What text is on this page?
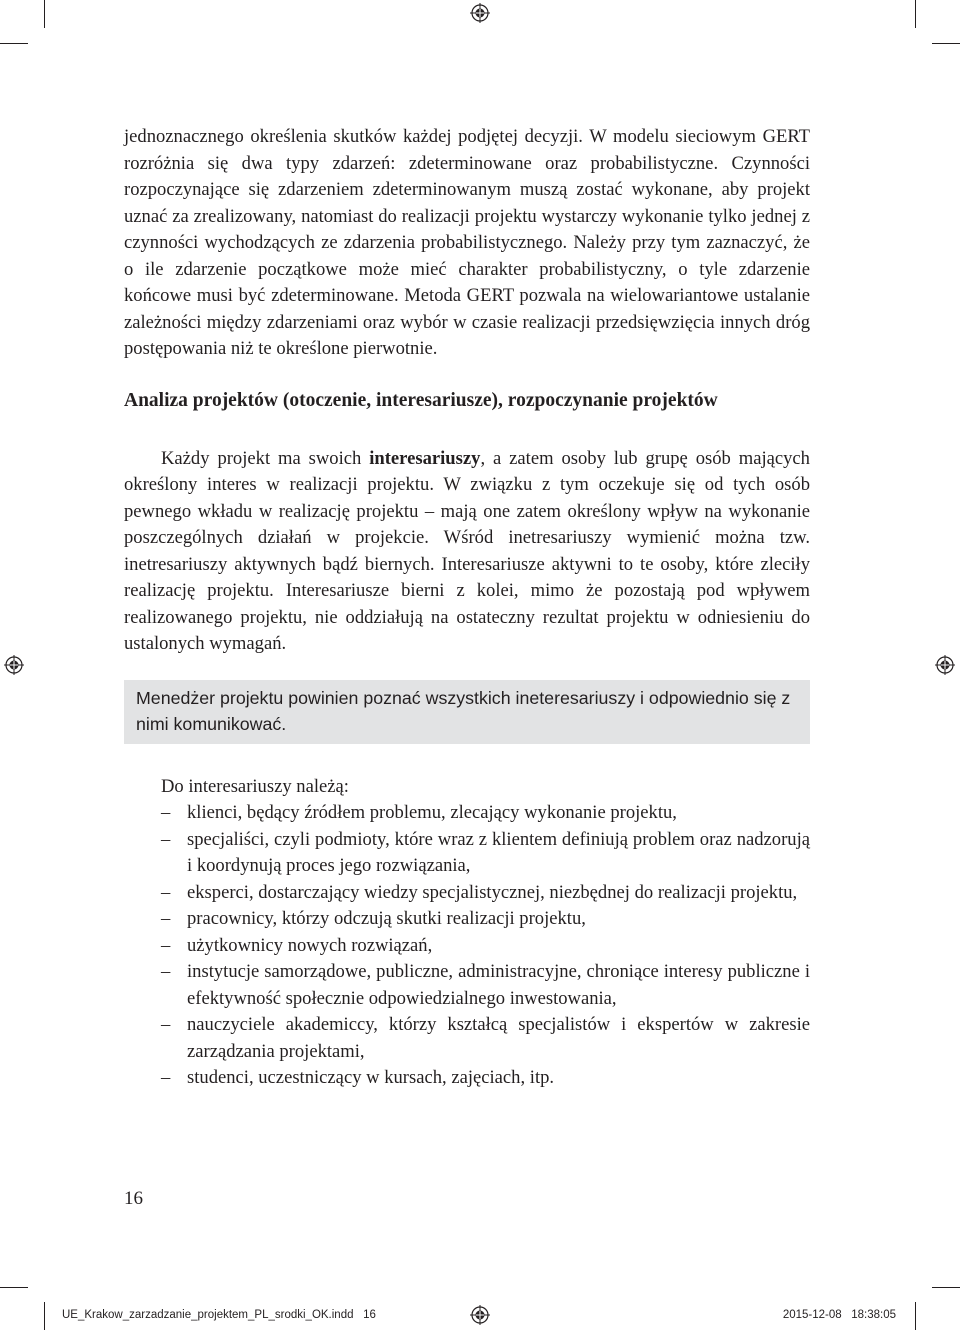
jednoznacznego określenia skutków każdej podjętej decyzji. W modelu sieciowym GERT rozróżnia się dwa typy zdarzeń: zdeterminowane oraz probabilistyczne. Czynności rozpoczynające się zdarzeniem zdeterminowanym muszą zostać wykonane, aby projekt uznać za zrealizowany, natomiast do realizacji projektu wystarczy wykonanie tylko jednej z czynności wychodzących ze zdarzenia probabilistycznego. Należy przy tym zaznaczyć, że o ile zdarzenie początkowe może mieć charakter probabilistyczny, o tyle zdarzenie końcowe musi być zdeterminowane. Metoda GERT pozwala na wielowariantowe ustalanie zależności między zdarzeniami oraz wybór w czasie realizacji przedsięwzięcia innych dróg postępowania niż te określone pierwotnie.

Analiza projektów (otoczenie, interesariusze), rozpoczynanie projektów

Każdy projekt ma swoich interesariuszy, a zatem osoby lub grupę osób mających określony interes w realizacji projektu. W związku z tym oczekuje się od tych osób pewnego wkładu w realizację projektu – mają one zatem określony wpływ na wykonanie poszczególnych działań w projekcie. Wśród inetresariuszy wymienić można tzw. inetresariuszy aktywnych bądź biernych. Interesariusze aktywni to te osoby, które zleciły realizację projektu. Interesariusze bierni z kolei, mimo że pozostają pod wpływem realizowanego projektu, nie oddziałują na ostateczny rezultat projektu w odniesieniu do ustalonych wymagań.

Menedżer projektu powinien poznać wszystkich ineteresariuszy i odpowiednio się z nimi komunikować.

Do interesariuszy należą:

– klienci, będący źródłem problemu, zlecający wykonanie projektu,
– specjaliści, czyli podmioty, które wraz z klientem definiują problem oraz nadzorują i koordynują proces jego rozwiązania,
– eksperci, dostarczający wiedzy specjalistycznej, niezbędnej do realizacji projektu,
– pracownicy, którzy odczują skutki realizacji projektu,
– użytkownicy nowych rozwiązań,
– instytucje samorządowe, publiczne, administracyjne, chroniące interesy publiczne i efektywność społecznie odpowiedzialnego inwestowania,
– nauczyciele akademiccy, którzy kształcą specjalistów i ekspertów w zakresie zarządzania projektami,
– studenci, uczestniczący w kursach, zajęciach, itp.
16
UE_Krakow_zarzadzanie_projektem_PL_srodki_OK.indd   16	2015-12-08   18:38:05
